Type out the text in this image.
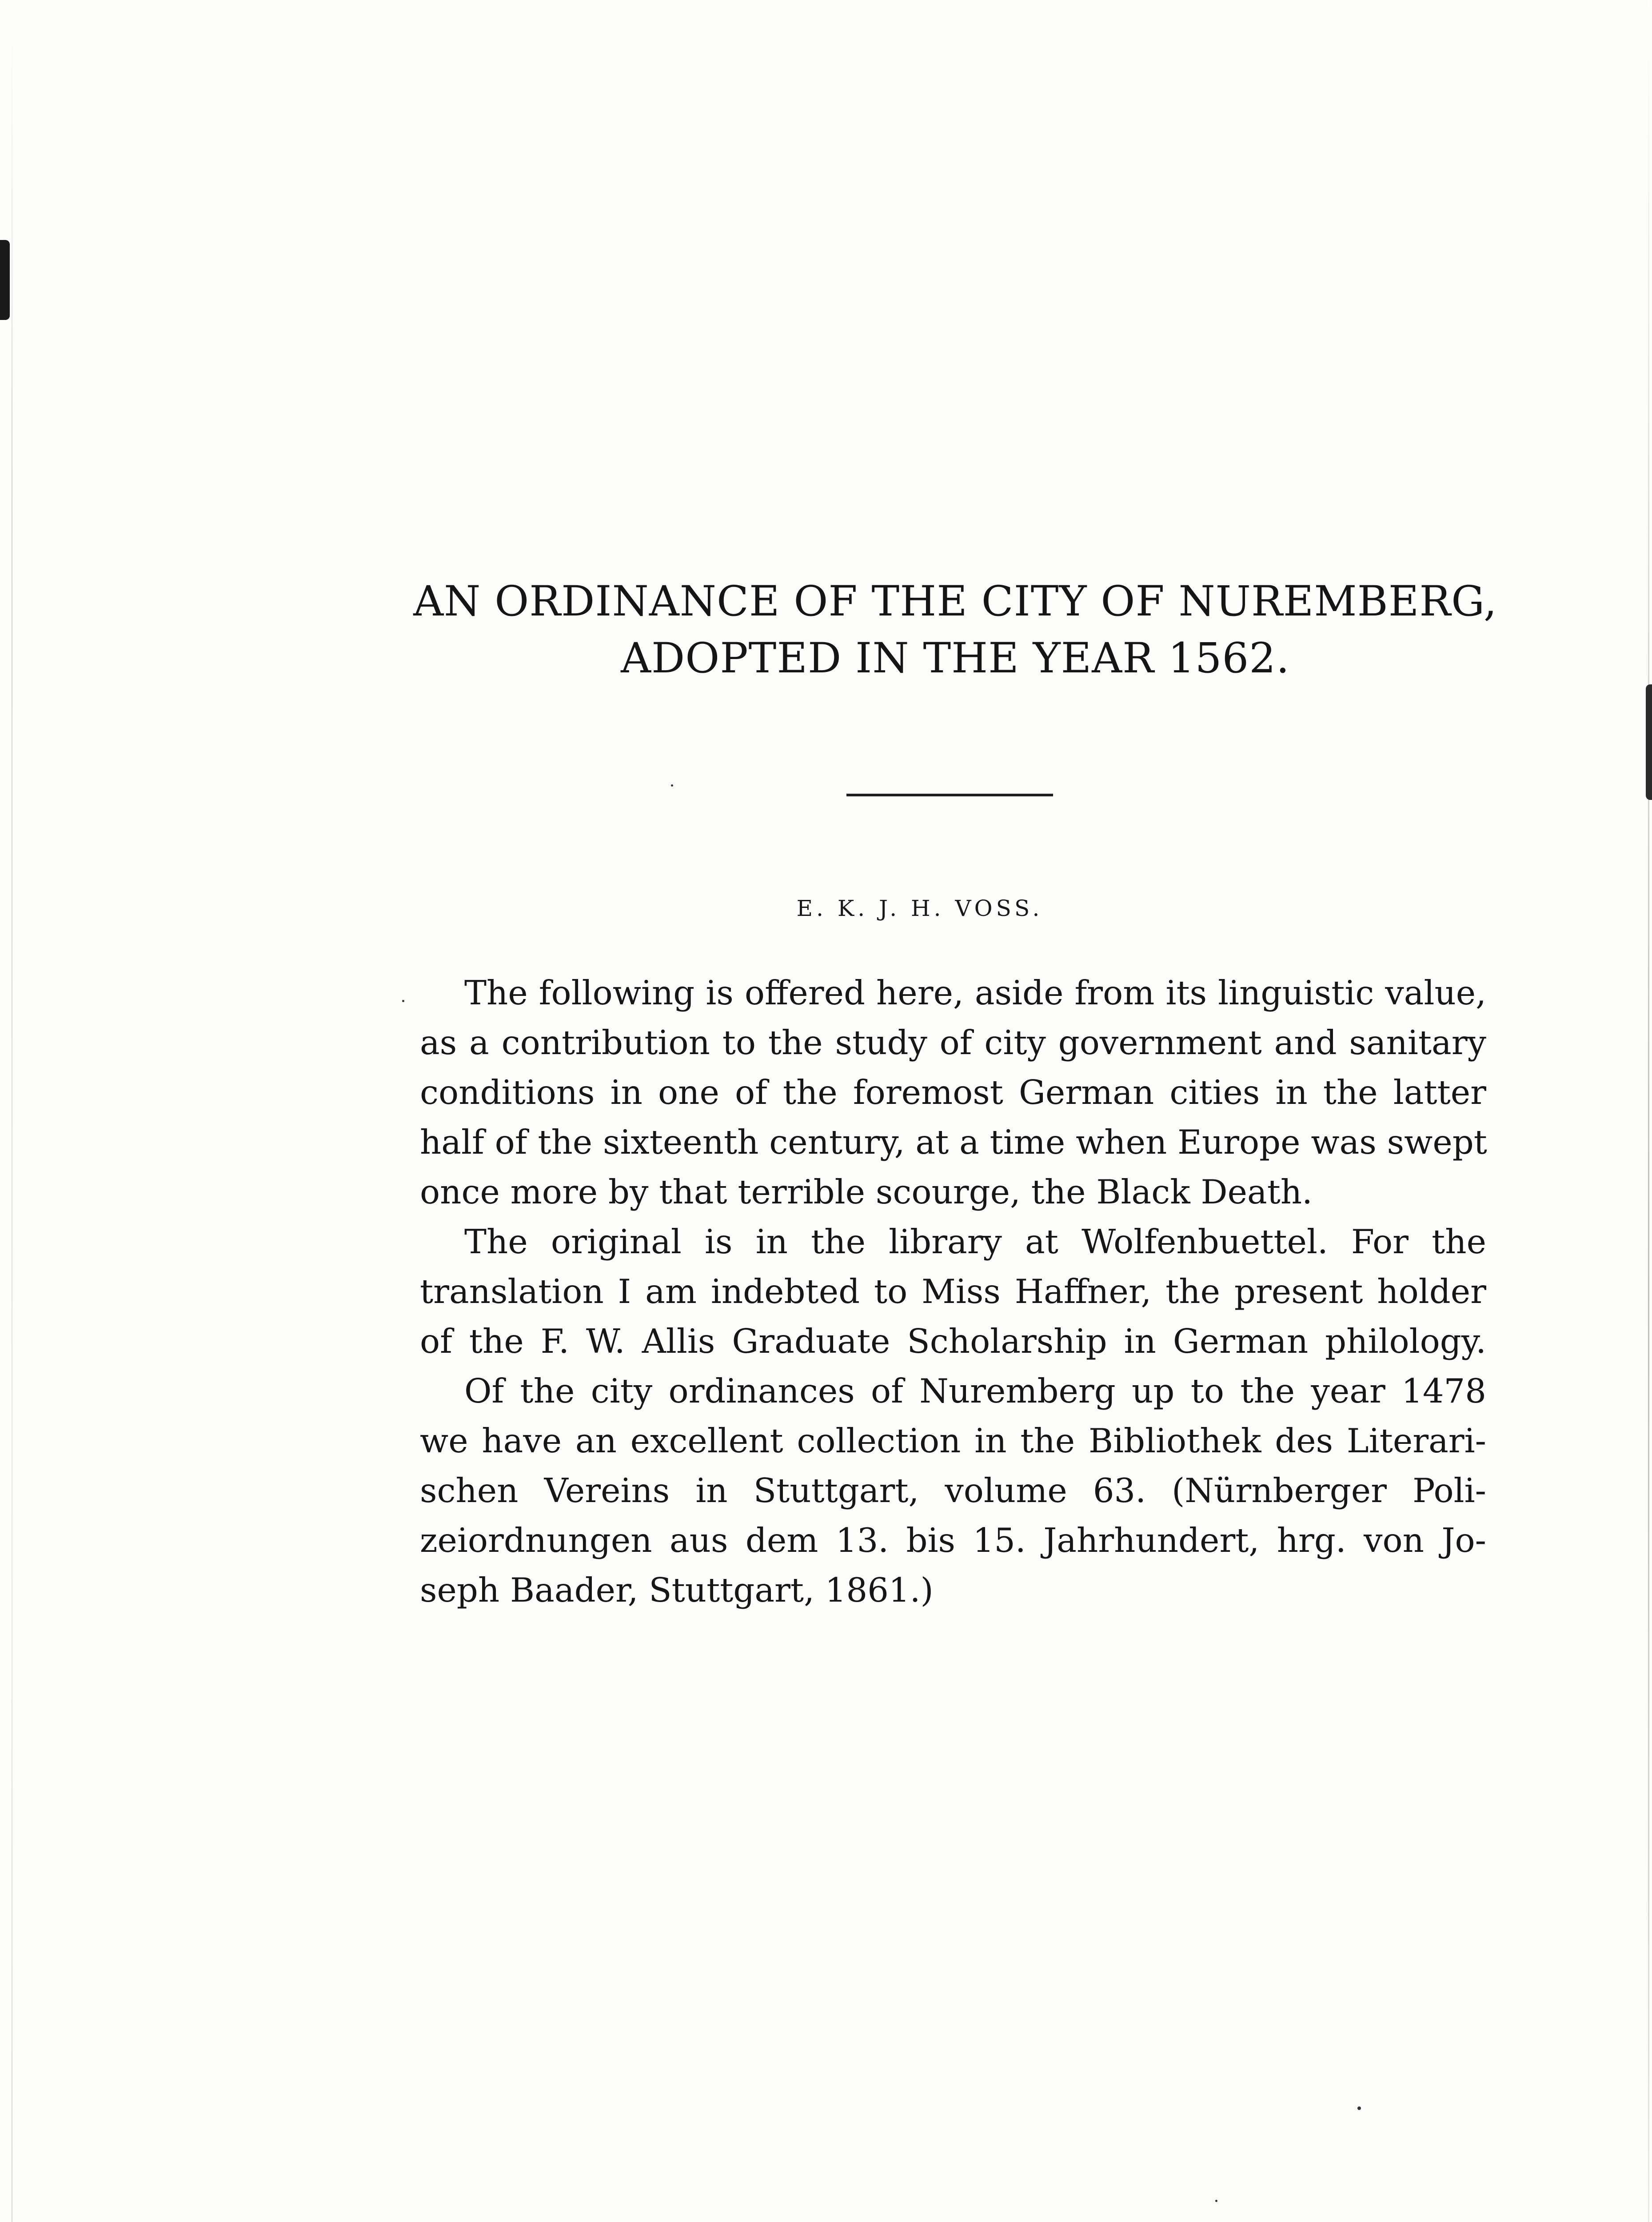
AN ORDINANCE OF THE CITY OF NUREMBERG,
ADOPTED IN THE YEAR 1562.
E. K. J. H. VOSS.
The following is offered here, aside from its linguistic value,
as a contribution to the study of city government and sanitary
conditions in one of the foremost German cities in the latter
half of the sixteenth century, at a time when Europe was swept
once more by that terrible scourge, the Black Death.
The original is in the library at Wolfenbuettel. For the
translation I am indebted to Miss Haffner, the present holder
of the F. W. Allis Graduate Scholarship in German philology.
Of the city ordinances of Nuremberg up to the year 1478
we have an excellent collection in the Bibliothek des Literari-
schen Vereins in Stuttgart, volume 63. (Nürnberger Poli-
zeiordnungen aus dem 13. bis 15. Jahrhundert, hrg. von Jo-
seph Baader, Stuttgart, 1861.)
